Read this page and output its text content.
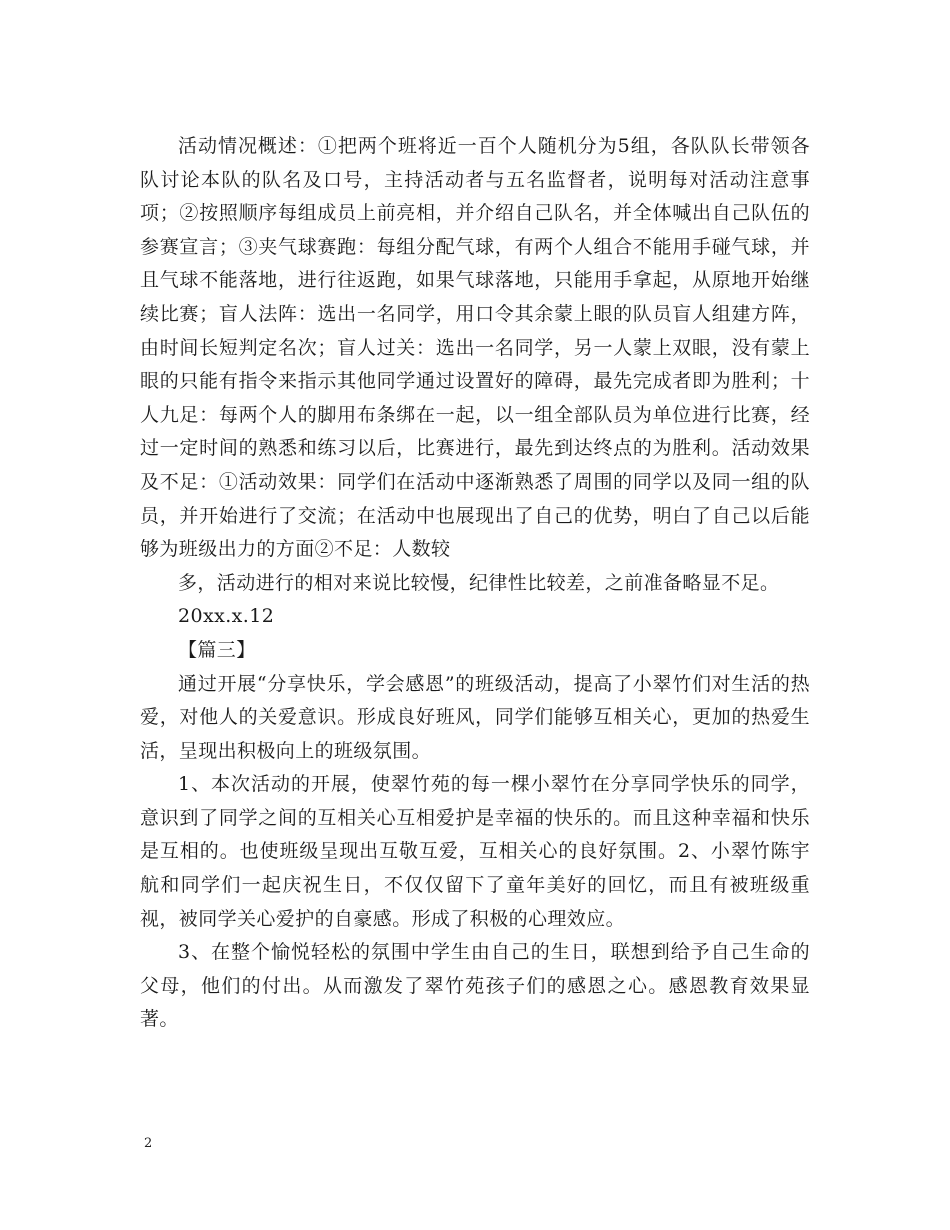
活动情况概述：①把两个班将近一百个人随机分为5组，各队队长带领各队讨论本队的队名及口号，主持活动者与五名监督者，说明每对活动注意事项；②按照顺序每组成员上前亮相，并介绍自己队名，并全体喊出自己队伍的参赛宣言；③夹气球赛跑：每组分配气球，有两个人组合不能用手碰气球，并且气球不能落地，进行往返跑，如果气球落地，只能用手拿起，从原地开始继续比赛；盲人法阵：选出一名同学，用口令其余蒙上眼的队员盲人组建方阵，由时间长短判定名次；盲人过关：选出一名同学，另一人蒙上双眼，没有蒙上眼的只能有指令来指示其他同学通过设置好的障碍，最先完成者即为胜利；十人九足：每两个人的脚用布条绑在一起，以一组全部队员为单位进行比赛，经过一定时间的熟悉和练习以后，比赛进行，最先到达终点的为胜利。活动效果及不足：①活动效果：同学们在活动中逐渐熟悉了周围的同学以及同一组的队员，并开始进行了交流；在活动中也展现出了自己的优势，明白了自己以后能够为班级出力的方面②不足：人数较

多，活动进行的相对来说比较慢，纪律性比较差，之前准备略显不足。

20xx.x.12

【篇三】

通过开展“分享快乐，学会感恩”的班级活动，提高了小翠竹们对生活的热爱，对他人的关爱意识。形成良好班风，同学们能够互相关心，更加的热爱生活，呈现出积极向上的班级氛围。

1、本次活动的开展，使翠竹苑的每一棵小翠竹在分享同学快乐的同学，意识到了同学之间的互相关心互相爱护是幸福的快乐的。而且这种幸福和快乐是互相的。也使班级呈现出互敬互爱，互相关心的良好氛围。2、小翠竹陈宇航和同学们一起庆祝生日，不仅仅留下了童年美好的回忆，而且有被班级重视，被同学关心爱护的自豪感。形成了积极的心理效应。

3、在整个愉悦轻松的氛围中学生由自己的生日，联想到给予自己生命的父母，他们的付出。从而激发了翠竹苑孩子们的感恩之心。感恩教育效果显著。

2
